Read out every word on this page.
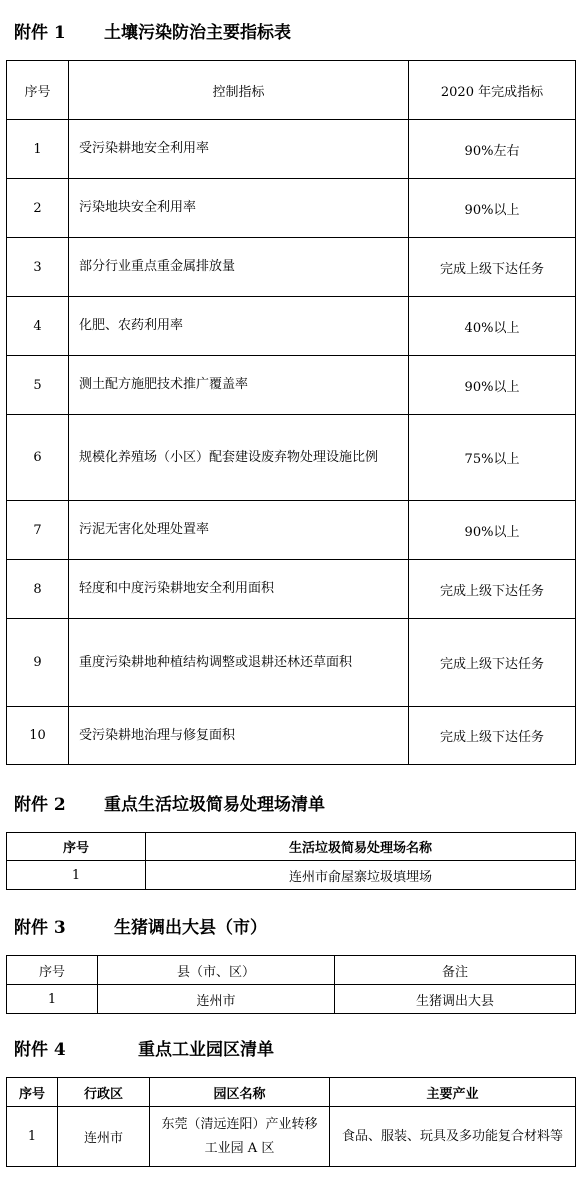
附件 1 土壤污染防治主要指标表
序号	控制指标	2020 年完成指标
1	受污染耕地安全利用率	90%左右
2	污染地块安全利用率	90%以上
3	部分行业重点重金属排放量	完成上级下达任务
4	化肥、农药利用率	40%以上
5	测土配方施肥技术推广覆盖率	90%以上
6	规模化养殖场（小区）配套建设废弃物处理设施比例	75%以上
7	污泥无害化处理处置率	90%以上
8	轻度和中度污染耕地安全利用面积	完成上级下达任务
9	重度污染耕地种植结构调整或退耕还林还草面积	完成上级下达任务
10	受污染耕地治理与修复面积	完成上级下达任务
附件 2 重点生活垃圾简易处理场清单
序号	生活垃圾简易处理场名称
1	连州市俞屋寨垃圾填埋场
附件 3	生猪调出大县（市）
序号	县（市、区）	备注
1	连州市	生猪调出大县
附件 4	重点工业园区清单
序号	行政区	园区名称	主要产业
1	连州市	东莞（清远连阳）产业转移工业园 A 区	食品、服装、玩具及多功能复合材料等
